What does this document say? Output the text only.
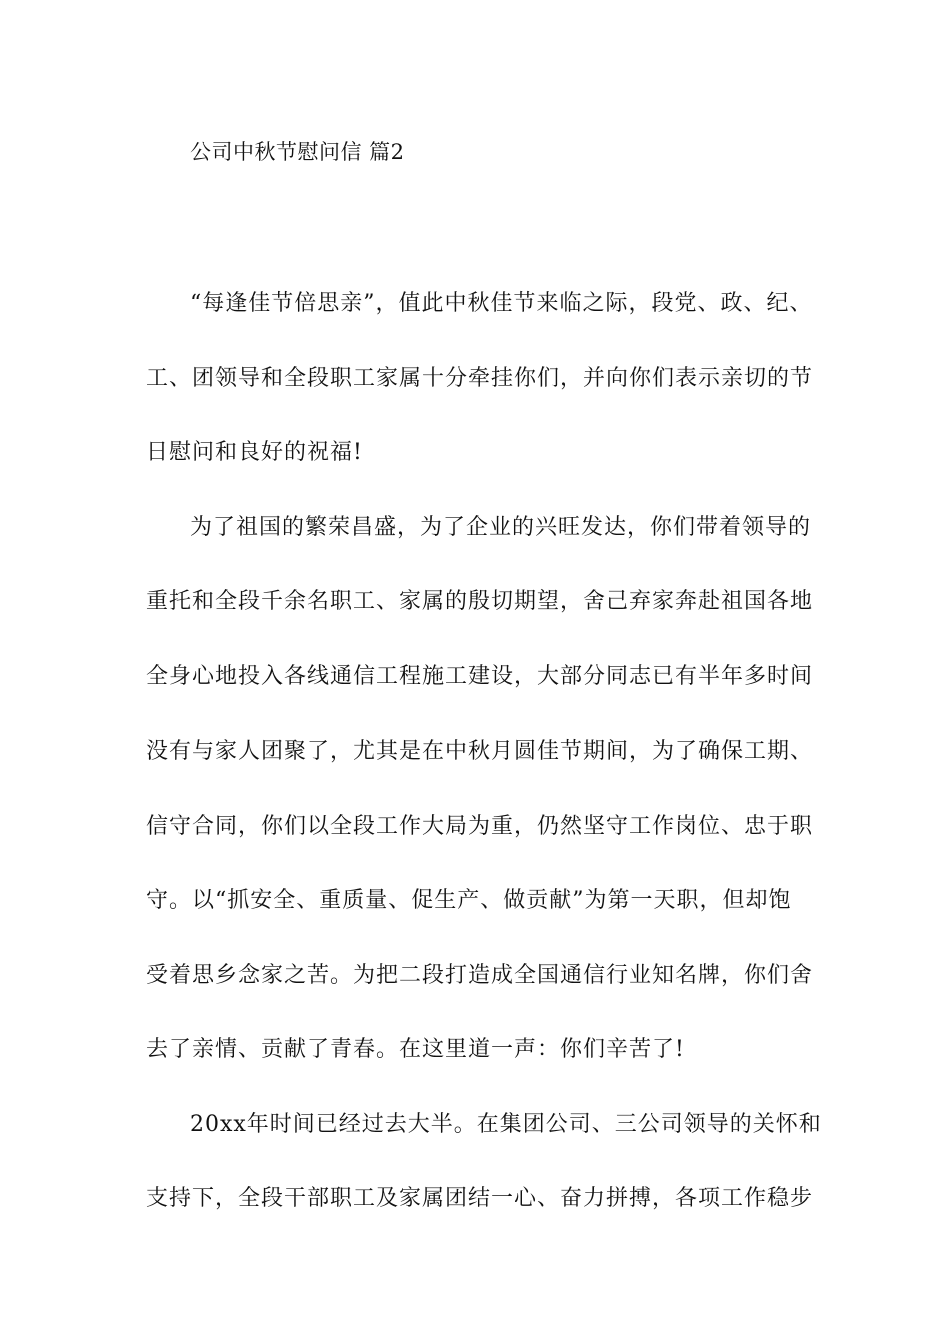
公司中秋节慰问信 篇2
“每逢佳节倍思亲”，值此中秋佳节来临之际，段党、政、纪、
工、团领导和全段职工家属十分牵挂你们，并向你们表示亲切的节
日慰问和良好的祝福!
为了祖国的繁荣昌盛，为了企业的兴旺发达，你们带着领导的
重托和全段千余名职工、家属的殷切期望，舍己弃家奔赴祖国各地
全身心地投入各线通信工程施工建设，大部分同志已有半年多时间
没有与家人团聚了，尤其是在中秋月圆佳节期间，为了确保工期、
信守合同，你们以全段工作大局为重，仍然坚守工作岗位、忠于职
守。以“抓安全、重质量、促生产、做贡献”为第一天职，但却饱
受着思乡念家之苦。为把二段打造成全国通信行业知名牌，你们舍
去了亲情、贡献了青春。在这里道一声：你们辛苦了!
20xx年时间已经过去大半。在集团公司、三公司领导的关怀和
支持下，全段干部职工及家属团结一心、奋力拼搏，各项工作稳步
